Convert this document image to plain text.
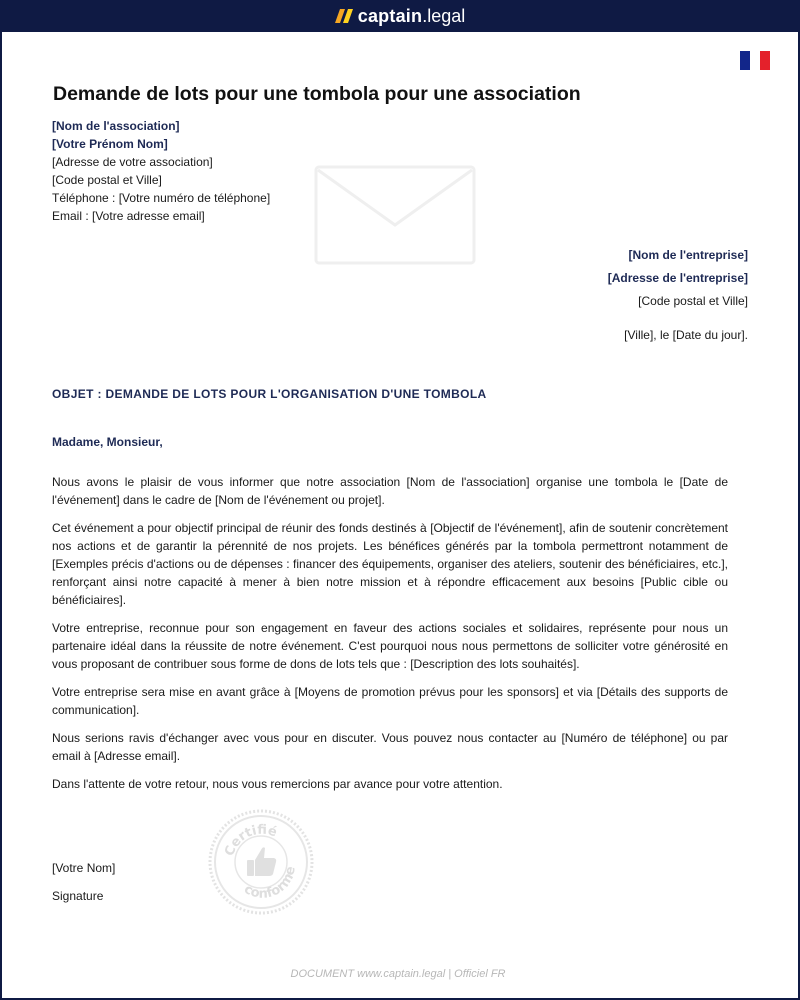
captain .legal
Demande de lots pour une tombola pour une association
[Nom de l'association]
[Votre Prénom Nom]
[Adresse de votre association]
[Code postal et Ville]
Téléphone : [Votre numéro de téléphone]
Email : [Votre adresse email]
[Nom de l'entreprise]
[Adresse de l'entreprise]
[Code postal et Ville]
[Ville], le [Date du jour].
OBJET : DEMANDE DE LOTS POUR L'ORGANISATION D'UNE TOMBOLA
Madame, Monsieur,

Nous avons le plaisir de vous informer que notre association [Nom de l'association] organise une tombola le [Date de l'événement] dans le cadre de [Nom de l'événement ou projet].

Cet événement a pour objectif principal de réunir des fonds destinés à [Objectif de l'événement], afin de soutenir concrètement nos actions et de garantir la pérennité de nos projets. Les bénéfices générés par la tombola permettront notamment de [Exemples précis d'actions ou de dépenses : financer des équipements, organiser des ateliers, soutenir des bénéficiaires, etc.], renforçant ainsi notre capacité à mener à bien notre mission et à répondre efficacement aux besoins [Public cible ou bénéficiaires].

Votre entreprise, reconnue pour son engagement en faveur des actions sociales et solidaires, représente pour nous un partenaire idéal dans la réussite de notre événement. C'est pourquoi nous nous permettons de solliciter votre générosité en vous proposant de contribuer sous forme de dons de lots tels que : [Description des lots souhaités].

Votre entreprise sera mise en avant grâce à [Moyens de promotion prévus pour les sponsors] et via [Détails des supports de communication].

Nous serions ravis d'échanger avec vous pour en discuter. Vous pouvez nous contacter au [Numéro de téléphone] ou par email à [Adresse email].

Dans l'attente de votre retour, nous vous remercions par avance pour votre attention.

Certifié
conforme
[Votre Nom]
Signature
DOCUMENT www.captain.legal | Officiel FR
